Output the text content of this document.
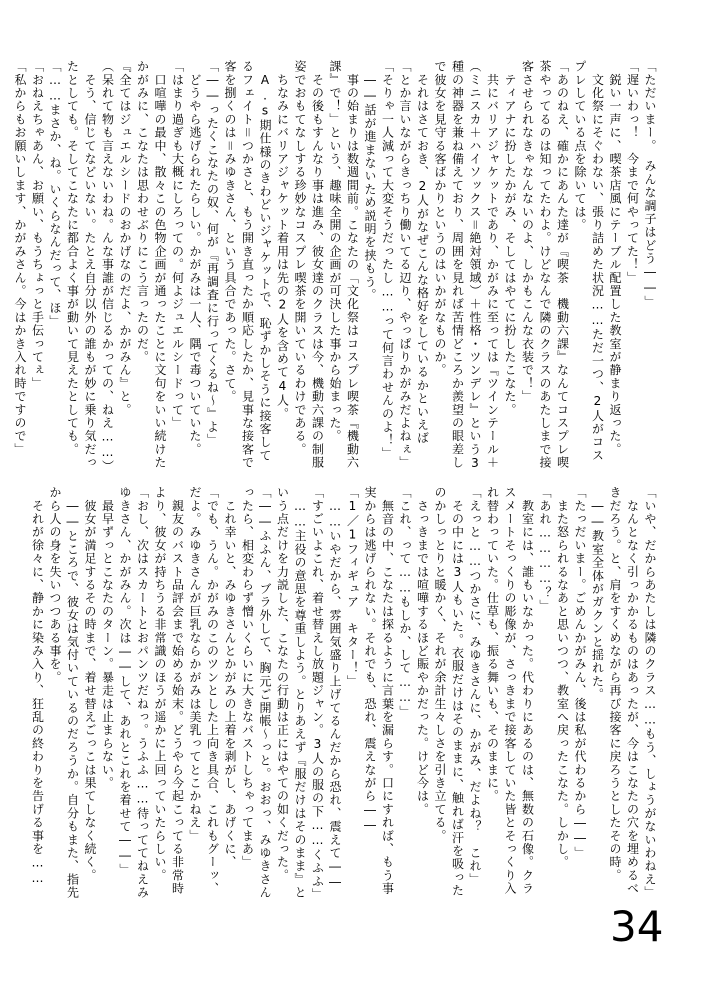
「ただいまー。　みんな調子はどう――」

「遅いわっ！　今まで何やってた！」

　鋭い一声に、喫茶店風にテーブル配置した教室が静まり返った。

　文化祭にそぐわない、張り詰めた状況……ただ一つ、2人がコスプレしている点を除いては。

「あのねえ、確かにあんた達が『喫茶　機動六課』なんてコスプレ喫茶やってるのは知ってたわよ。けどなんで隣のクラスのあたしまで接客させられなきゃなんないのよ、しかもこんな衣装で！」

　ティアナに扮したかがみ、そしてはやてに扮したこなた。

　共にバリアジャケットであり、かがみに至っては『ツインテール＋（ミニスカ＋ハイソックス＝絶対領域）＋性格・ツンデレ』という3種の神器を兼ね備えており、周囲を見れば苦情どころか羨望の眼差しで彼女を見守る客ばかりというのはいかがなものか。

　それはさておき、2人がなぜこんな格好をしているかといえば

「とか言いながらきっちり働いてる辺り、やっぱりかがみだよねぇ」

「そりゃ一人減って大変そうだったし……って何言わせんのよ！」

　――話が進まないため説明を挟もう。

　事の始まりは数週間前。こなたの「文化祭はコスプレ喫茶『機動六課』で！」という、趣味全開の企画が可決した事から始まった。

　その後もすんなり事は進み、彼女達のクラスは今、機動六課の制服姿でおもてなしする珍妙なコスプレ喫茶を開いているわけである。

　ちなみにバリアジャケット着用は先の2人を含めて4人。

　A.s期仕様のきわどいジャケットで、恥ずかしそうに接客してるフェイト＝つかさと、もう開き直ったか順応したか、見事な接客で客を捌くのは＝みゆきさん、という具合であった。さて。

「――ったくこなたの奴、何が『再調査に行ってくるね〜』よ」

　どうやら逃げられたらしい。かがみは一人、隅で毒ついていた。

「はまり過ぎも大概にしろっての。何よジュエルシードって」

　口喧嘩の最中、散々この色物企画が通ったことに文句をいい続けたかがみに、こなたは思わせぶりにこう言ったのだ。

『全てはジュエルシードのおかげなのだよ、かがみん』と。

（呆れて物も言えないわね。んな事誰が信じるかっての、ねえ……）

　そう、信じてなどいない。たとえ自分以外の誰もが妙に乗り気だったとしても。そしてこなたに都合よく事が動いて見えたとしても。

「……まさか、ね。いくらなんだって、ほ」

「おねえちゃあん、お願い、もうちょっと手伝ってぇ」

「私からもお願いします、かがみさん。今はかき入れ時ですので」

「いや、だからあたしは隣のクラス……もう、しょうがないわねえ」

　なんとなく引っかかるものはあったが、今はこなたの穴を埋めるべきだろう。と、肩をすくめながら再び接客に戻ろうとしたその時。

　――教室全体がガクンと揺れた。

「たっだいまー。ごめんかがみん、後は私が代わるから――」

　また怒られるなあと思いつつ、教室へ戻ったこなた。しかし。

「あれ…………？」

　教室には、誰もいなかった。代わりにあるのは、無数の石像。クラスメートそっくりの彫像が、さっきまで接客していた皆とそっくり入れ替わっていた。仕草も、振る舞いも、そのままに。

「えっと……つかさに、みゆきさんに、かがみ、だよね？　これ」

　その中には3人もいた。衣服だけはそのままに、触れば汗を吸ったのかしっとりと暖かく、それが余計生々しさを引き立てる。

　さっきまでは喧嘩するほど賑やかだった。けど今は。

「これ、って……もしか、して……」

　無音の中、こなたは探るように言葉を漏らす。口にすれば、もう事実からは逃げられない。それでも、恐れ、震えながら――

「1／1フィギュア　キター！」

　……いやだから、雰囲気盛り上げてるんだから恐れ、震えて――

「すごいよこれ、着せ替えし放題ジャン。3人の服の下……くふふ」

　……主役の意思を尊重しよう。とりあえず『服だけはそのまま』という点だけを力説した、こなたの行動は正にはやての如くだった。

「――ふふん、ブラ外して、胸元ご開帳〜っと。おおっ、みゆきさんったら、相変わらず憎いくらいに大きなバストしちゃってまあ」

　これ幸いと、みゆきさんとかがみの上着を剥がし、あげくに、

「でも、うん。かがみのこのツンとした上向き具合、これもグーッ、だよ。みゆきさんが巨乳ならかがみは美乳ってとこかねえ」

　親友のバスト品評会まで始める始末。どうやら今起こってる非常時より、彼女が持ちうる非常識のほうが遥かに上回っていたらしい。

「おし、次はスカートとおパンツだねっ。うふふ……待っててねえみゆきさん、かがみん。次は――して、あれとこれを着せて――」

　最早ずっとこなたのターン。暴走は止まらない。

　彼女が満足するその時まで、着せ替えごっこは果てしなく続く。

　――ところで、彼女は気付いているのだろうか。自分もまた、指先から人の身を失いつつある事を。

　それが徐々に、静かに染み入り、狂乱の終わりを告げる事を……

34
